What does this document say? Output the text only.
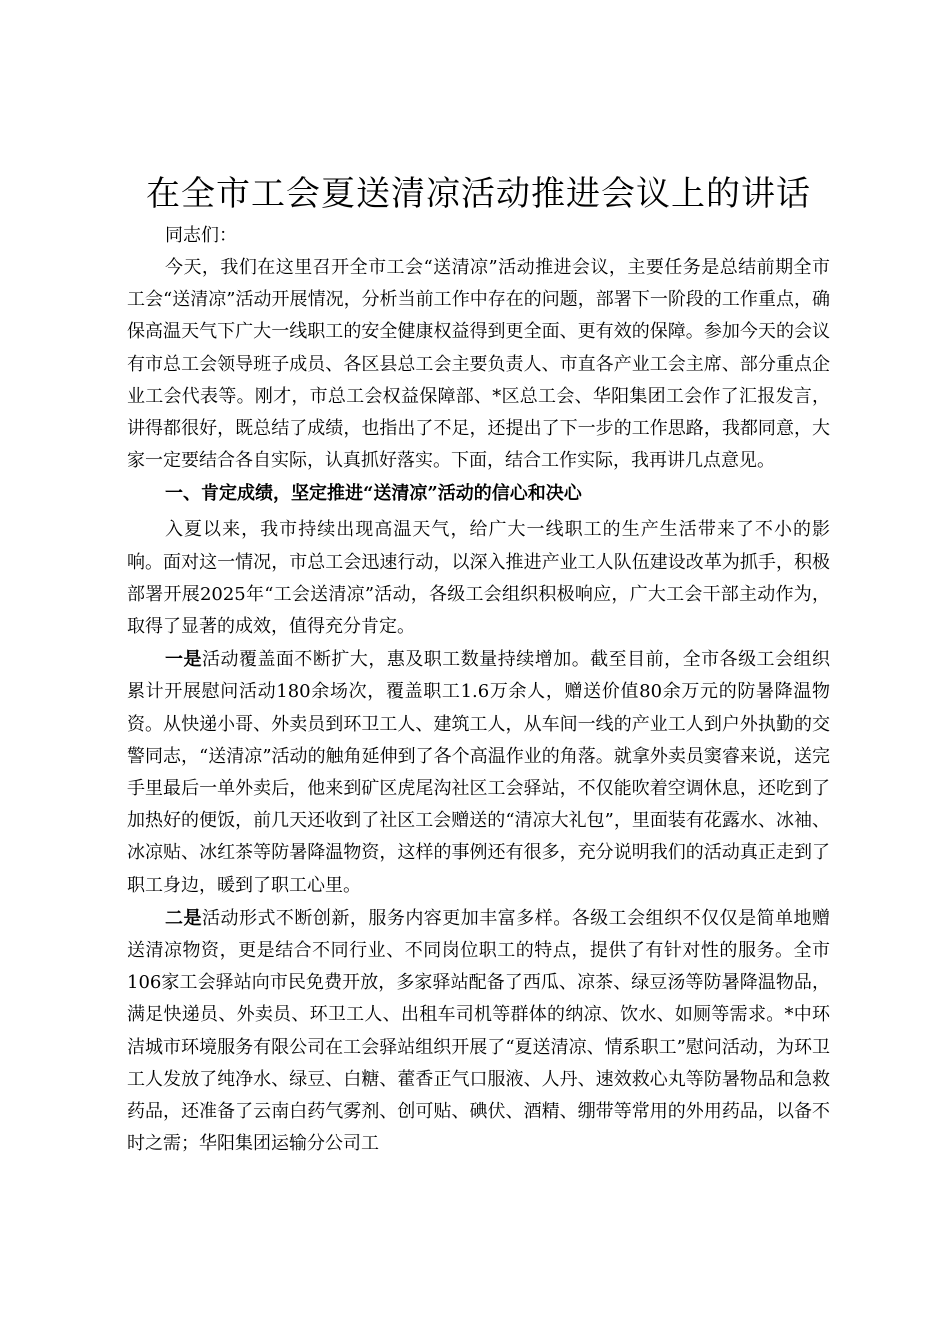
在全市工会夏送清凉活动推进会议上的讲话

同志们：

今天，我们在这里召开全市工会“送清凉”活动推进会议，主要任务是总结前期全市工会“送清凉”活动开展情况，分析当前工作中存在的问题，部署下一阶段的工作重点，确保高温天气下广大一线职工的安全健康权益得到更全面、更有效的保障。参加今天的会议有市总工会领导班子成员、各区县总工会主要负责人、市直各产业工会主席、部分重点企业工会代表等。刚才，市总工会权益保障部、*区总工会、华阳集团工会作了汇报发言，讲得都很好，既总结了成绩，也指出了不足，还提出了下一步的工作思路，我都同意，大家一定要结合各自实际，认真抓好落实。下面，结合工作实际，我再讲几点意见。

一、肯定成绩，坚定推进“送清凉”活动的信心和决心

入夏以来，我市持续出现高温天气，给广大一线职工的生产生活带来了不小的影响。面对这一情况，市总工会迅速行动，以深入推进产业工人队伍建设改革为抓手，积极部署开展2025年“工会送清凉”活动，各级工会组织积极响应，广大工会干部主动作为，取得了显著的成效，值得充分肯定。

一是活动覆盖面不断扩大，惠及职工数量持续增加。截至目前，全市各级工会组织累计开展慰问活动180余场次，覆盖职工1.6万余人，赠送价值80余万元的防暑降温物资。从快递小哥、外卖员到环卫工人、建筑工人，从车间一线的产业工人到户外执勤的交警同志，“送清凉”活动的触角延伸到了各个高温作业的角落。就拿外卖员窦睿来说，送完手里最后一单外卖后，他来到矿区虎尾沟社区工会驿站，不仅能吹着空调休息，还吃到了加热好的便饭，前几天还收到了社区工会赠送的“清凉大礼包”，里面装有花露水、冰袖、冰凉贴、冰红茶等防暑降温物资，这样的事例还有很多，充分说明我们的活动真正走到了职工身边，暖到了职工心里。

二是活动形式不断创新，服务内容更加丰富多样。各级工会组织不仅仅是简单地赠送清凉物资，更是结合不同行业、不同岗位职工的特点，提供了有针对性的服务。全市106家工会驿站向市民免费开放，多家驿站配备了西瓜、凉茶、绿豆汤等防暑降温物品，满足快递员、外卖员、环卫工人、出租车司机等群体的纳凉、饮水、如厕等需求。*中环洁城市环境服务有限公司在工会驿站组织开展了“夏送清凉、情系职工”慰问活动，为环卫工人发放了纯净水、绿豆、白糖、藿香正气口服液、人丹、速效救心丸等防暑物品和急救药品，还准备了云南白药气雾剂、创可贴、碘伏、酒精、绷带等常用的外用药品，以备不时之需；华阳集团运输分公司工
